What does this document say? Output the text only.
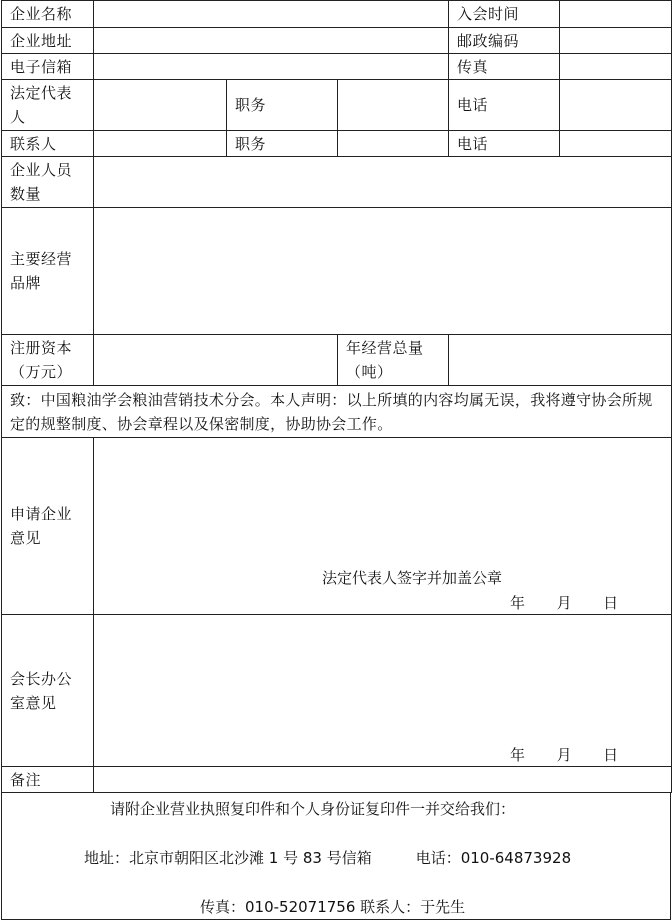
企业名称				入会时间	
企业地址				邮政编码	
电子信箱				传真	
法定代表人		职务		电话	
联系人		职务		电话	
企业人员数量					
主要经营品牌					
注册资本（万元）			年经营总量（吨）		
致：中国粮油学会粮油营销技术分会。本人声明：以上所填的内容均属无误，我将遵守协会所规定的规整制度、协会章程以及保密制度，协助协会工作。					
申请企业意见	法定代表人签字并加盖公章
年 月 日				

会长办公室意见	年 月 日				

备注					
请附企业营业执照复印件和个人身份证复印件一并交给我们：
地址：北京市朝阳区北沙滩 1 号 83 号信箱	电话：010-64873928
传真：010-52071756 联系人：于先生
